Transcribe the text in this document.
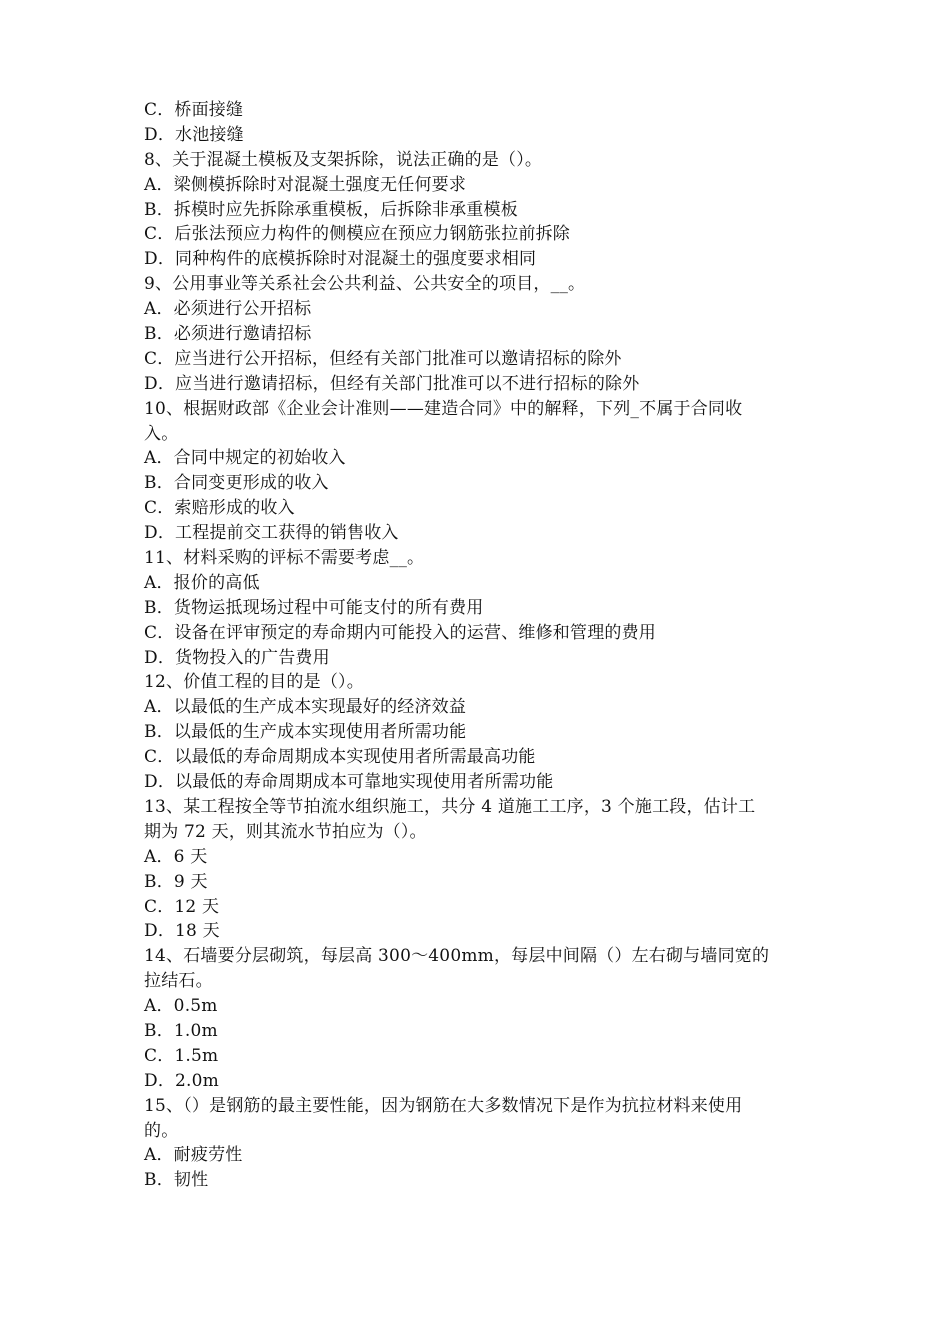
C．桥面接缝
D．水池接缝
8、关于混凝土模板及支架拆除，说法正确的是（）。
A．梁侧模拆除时对混凝土强度无任何要求
B．拆模时应先拆除承重模板，后拆除非承重模板
C．后张法预应力构件的侧模应在预应力钢筋张拉前拆除
D．同种构件的底模拆除时对混凝土的强度要求相同
9、公用事业等关系社会公共利益、公共安全的项目，__。
A．必须进行公开招标
B．必须进行邀请招标
C．应当进行公开招标，但经有关部门批准可以邀请招标的除外
D．应当进行邀请招标，但经有关部门批准可以不进行招标的除外
10、根据财政部《企业会计准则——建造合同》中的解释，下列_不属于合同收
入。
A．合同中规定的初始收入
B．合同变更形成的收入
C．索赔形成的收入
D．工程提前交工获得的销售收入
11、材料采购的评标不需要考虑__。
A．报价的高低
B．货物运抵现场过程中可能支付的所有费用
C．设备在评审预定的寿命期内可能投入的运营、维修和管理的费用
D．货物投入的广告费用
12、价值工程的目的是（）。
A．以最低的生产成本实现最好的经济效益
B．以最低的生产成本实现使用者所需功能
C．以最低的寿命周期成本实现使用者所需最高功能
D．以最低的寿命周期成本可靠地实现使用者所需功能
13、某工程按全等节拍流水组织施工，共分 4 道施工工序，3 个施工段，估计工
期为 72 天，则其流水节拍应为（）。
A．6 天
B．9 天
C．12 天
D．18 天
14、石墙要分层砌筑，每层高 300～400mm，每层中间隔（）左右砌与墙同宽的
拉结石。
A．0.5m
B．1.0m
C．1.5m
D．2.0m
15、（）是钢筋的最主要性能，因为钢筋在大多数情况下是作为抗拉材料来使用
的。
A．耐疲劳性
B．韧性
